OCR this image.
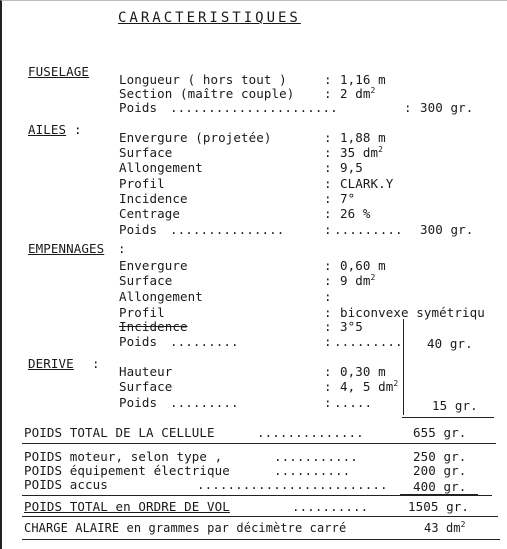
CARACTERISTIQUES
FUSELAGE
Longueur ( hors tout )	: 1,16 m
Section (maître couple) : 2 $dm^2$
Poids ......................	: 300 gr.
AILES :
Envergure (projetée)	: 1,88 m
Surface	: 35 $dm^2$
Allongement	: 9,5
Profil	: CLARK.Y
Incidence	: 7°
Centrage	: 26 %
Poids ...............	: ......... 300 gr.
EMPENNAGES :
Envergure	: 0,60 m
Surface	: 9 $dm^2$
Allongement	:
Profil	: biconvexe symétriqu
Incidence	: 3°5
Poids .........	: ......... 40 gr.
DERIVE :
Hauteur	: 0,30 m
Surface	: 4, 5 $dm^2$
Poids .........	: .....	15 gr.
POIDS TOTAL DE LA CELLULE	..............	655 gr.
POIDS moteur, selon type ,	...........	250 gr.
POIDS équipement électrique	..........	200 gr.
POIDS accus	......................... 400 gr.
POIDS TOTAL en ORDRE DE VOL	..........	1505 gr.
CHARGE ALAIRE en grammes par décimètre carré	43 $dm^2$
